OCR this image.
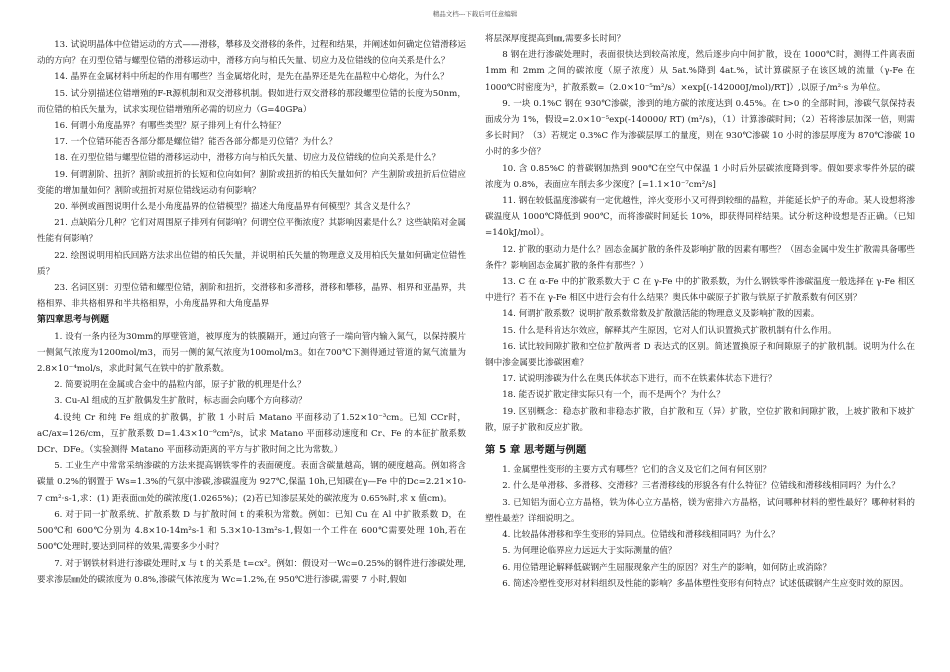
精品文档---下载后可任意编辑

13. 试说明晶体中位错运动的方式——滑移，攀移及交滑移的条件，过程和结果，并阐述如何确定位错滑移运动的方向？在刃型位错与螺型位错的滑移运动中，滑移方向与柏氏矢量、切应力及位错线的位向关系是什么？

14. 晶界在金属材料中所起的作用有哪些？当金属熔化时，是先在晶界还是先在晶粒中心熔化，为什么？

15. 试分别描述位错增殖的F-R源机制和双交滑移机制。假如进行双交滑移的那段螺型位错的长度为50nm，而位错的柏氏矢量为，试求实现位错增殖所必需的切应力（G=40GPa）

16. 何谓小角度晶界？有哪些类型？原子排列上有什么特征？

17. 一个位错环能否各部分都是螺位错？能否各部分都是刃位错？为什么？

18. 在刃型位错与螺型位错的滑移运动中，滑移方向与柏氏矢量、切应力及位错线的位向关系是什么？

19. 何谓割阶、扭折？割阶或扭折的长短和位向如何？割阶或扭折的柏氏矢量如何？产生割阶或扭折后位错应变能的增加量如何？割阶或扭折对原位错线运动有何影响？

20. 举例或画图说明什么是小角度晶界的位错模型？描述大角度晶界有何模型？其含义是什么？

21. 点缺陷分几种？它们对周围原子排列有何影响？何谓空位平衡浓度？其影响因素是什么？这些缺陷对金属性能有何影响？

22. 绘图说明用柏氏回路方法求出位错的柏氏矢量，并说明柏氏矢量的物理意义及用柏氏矢量如何确定位错性质？

23. 名词区别：刃型位错和螺型位错，割阶和扭折，交滑移和多滑移，滑移和攀移，晶界、相界和亚晶界，共格相界、非共格相界和半共格相界，小角度晶界和大角度晶界

第四章思考与例题

1. 设有一条内径为30mm的厚壁管道，被厚度为的铁膜隔开，通过向管子一端向管内输入氮气，以保持膜片一侧氮气浓度为1200mol/m3，而另一侧的氮气浓度为100mol/m3。如在700℃下测得通过管道的氮气流量为2.8×10⁻⁴mol/s，求此时氮气在铁中的扩散系数。

2. 简要说明在金属或合金中的晶粒内部，原子扩散的机理是什么？

3. Cu-Al 组成的互扩散偶发生扩散时，标志面会向哪个方向移动？

4.设纯 Cr 和纯 Fe 组成的扩散偶，扩散 1 小时后 Matano 平面移动了1.52×10⁻³cm。已知 CCr时，aC/ax=126/cm，互扩散系数 D=1.43×10⁻⁹cm²/s，试求 Matano 平面移动速度和 Cr、Fe 的本征扩散系数DCr、DFe。（实验测得 Matano 平面移动距离的平方与扩散时间之比为常数。）

5. 工业生产中常常采纳渗碳的方法来提高钢铁零件的表面硬度。表面含碳量越高，钢的硬度越高。例如将含碳量 0.2%的钢置于 Ws=1.3%的气氛中渗碳,渗碳温度为 927℃,保温 10h,已知碳在γ—Fe 中的Dc=2.21×10-7 cm²·s-1,求：(1) 距表面㎝处的碳浓度(1.0265%)；(2)若已知渗层某处的碳浓度为 0.65%时,求 x 值cm)。

6. 对于同一扩散系统、扩散系数 D 与扩散时间 t 的乘积为常数。例如：已知 Cu 在 Al 中扩散系数 D，在 500℃和 600℃分别为 4.8×10-14m²s-1 和 5.3×10-13m²s-1,假如一个工件在 600℃需要处理 10h,若在 500℃处理时,要达到同样的效果,需要多少小时？

7. 对于钢铁材料进行渗碳处理时,x 与 t 的关系是 t=cx²。例如：假设对一Wc=0.25%的钢件进行渗碳处理,要求渗层㎜处的碳浓度为 0.8%,渗碳气体浓度为 Wc=1.2%,在 950℃进行渗碳,需要 7 小时,假如

将层深厚度提高到㎜,需要多长时间？

8 钢在进行渗碳处理时，表面很快达到较高浓度，然后逐步向中间扩散，设在 1000℃时，测得工件离表面 1mm 和 2mm 之间的碳浓度（原子浓度）从 5at.%降到 4at.%，试计算碳原子在该区域的流量（γ-Fe 在 1000℃时密度为³，扩散系数=（2.0×10⁻⁵m²/s）×exp[(-142000J/mol)/RT]）,以原子/m²·s 为单位。

9. 一块 0.1%C 钢在 930℃渗碳，渗到的地方碳的浓度达到 0.45%。在 t>0 的全部时间，渗碳气氛保持表面成分为 1%，假设=2.0×10⁻⁵exp(-140000/ RT) (m²/s)，（1）计算渗碳时间；（2）若将渗层加深一倍，则需多长时间？（3）若规定 0.3%C 作为渗碳层厚工的量度，则在 930℃渗碳 10 小时的渗层厚度为 870℃渗碳 10 小时的多少倍？

10. 含 0.85%C 的普碳钢加热到 900℃在空气中保温 1 小时后外层碳浓度降到零。假如要求零件外层的碳浓度为 0.8%，表面应车削去多少深度？[=1.1×10⁻⁷cm²/s]

11. 钢在较低温度渗碳有一定优越性，淬火变形小又可得到较细的晶粒，并能延长炉子的寿命。某人设想将渗碳温度从 1000℃降低到 900℃，而将渗碳时间延长 10%，即获得同样结果。试分析这种设想是否正确。（已知=140kJ/mol）。

12. 扩散的驱动力是什么？固态金属扩散的条件及影响扩散的因素有哪些？（固态金属中发生扩散需具备哪些条件？影响固态金属扩散的条件有那些？）

13. C 在 α-Fe 中的扩散系数大于 C 在 γ-Fe 中的扩散系数，为什么钢铁零件渗碳温度一般选择在 γ-Fe 相区中进行？若不在 γ-Fe 相区中进行会有什么结果？奥氏体中碳原子扩散与铁原子扩散系数有何区别？

14. 何谓扩散系数？说明扩散系数常数及扩散激活能的物理意义及影响扩散的因素。

15. 什么是科肯达尔效应，解释其产生原因，它对人们认识置换式扩散机制有什么作用。

16. 试比较间隙扩散和空位扩散两者 D 表达式的区别。简述置换原子和间隙原子的扩散机制。说明为什么在钢中渗金属要比渗碳困难？

17. 试说明渗碳为什么在奥氏体状态下进行，而不在铁素体状态下进行？

18. 能否说扩散定律实际只有一个，而不是两个？为什么？

19. 区别概念：稳态扩散和非稳态扩散，自扩散和互（异）扩散，空位扩散和间隙扩散，上坡扩散和下坡扩散，原子扩散和反应扩散。

第 5 章 思考题与例题

1. 金属塑性变形的主要方式有哪些？它们的含义及它们之间有何区别？

2. 什么是单滑移、多滑移、交滑移？三者滑移线的形貌各有什么特征？位错线和滑移线相同吗？为什么？

3. 已知铝为面心立方晶格，铁为体心立方晶格，镁为密排六方晶格，试问哪种材料的塑性最好？哪种材料的塑性最差？详细说明之。

4. 比较晶体滑移和孪生变形的异同点。位错线和滑移线相同吗？为什么？

5. 为何理论临界应力远远大于实际测量的值？

6. 用位错理论解释低碳钢产生屈服现象产生的原因？对生产的影响，如何防止或消除？

6. 简述冷塑性变形对材料组织及性能的影响？多晶体塑性变形有何特点？试述低碳钢产生应变时效的原因。
